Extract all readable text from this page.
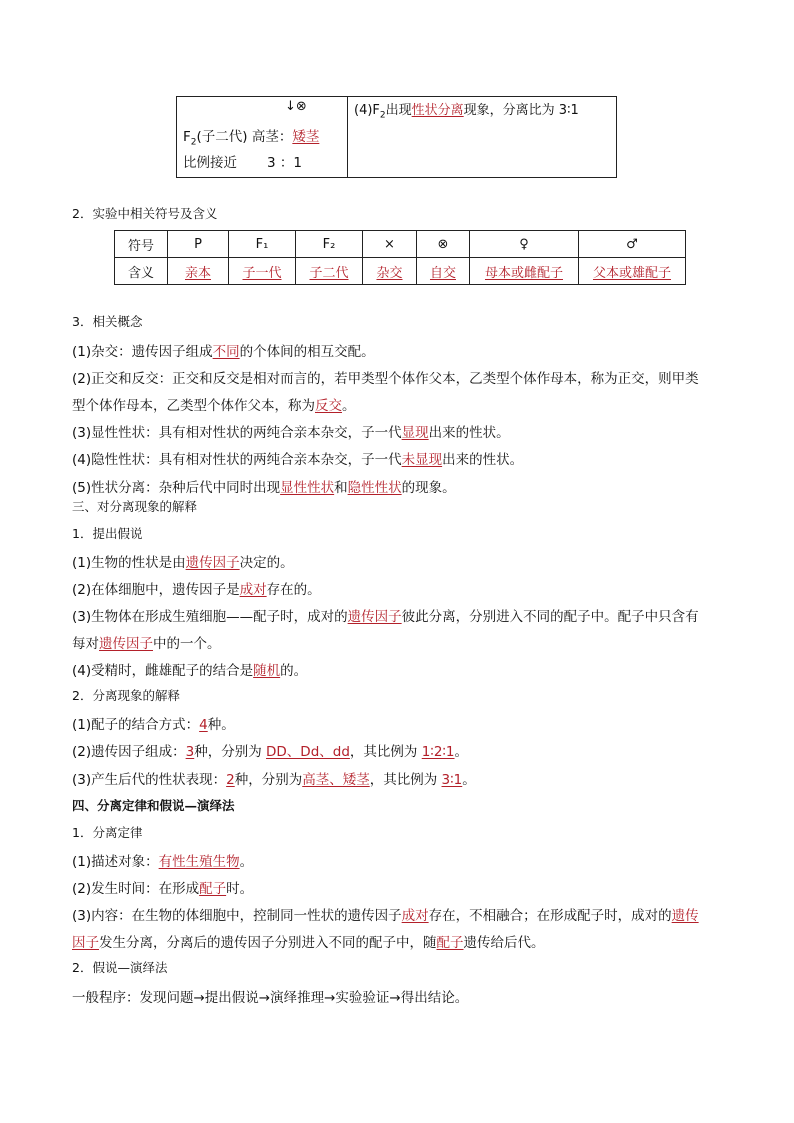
↓⊗
$F_2$(子二代) 高茎：矮茎
比例接近 3 ：1
$(4)F_2$出现性状分离现象，分离比为 3∶1
2．实验中相关符号及含义
符号	P	F₁	F₂	×	⊗	♀	♂
含义	亲本	子一代	子二代	杂交	自交	母本或雌配子	父本或雄配子
3．相关概念
(1)杂交：遗传因子组成不同的个体间的相互交配。
(2)正交和反交：正交和反交是相对而言的，若甲类型个体作父本，乙类型个体作母本，称为正交，则甲类
型个体作母本，乙类型个体作父本，称为反交。
(3)显性性状：具有相对性状的两纯合亲本杂交，子一代显现出来的性状。
(4)隐性性状：具有相对性状的两纯合亲本杂交，子一代未显现出来的性状。
(5)性状分离：杂种后代中同时出现显性性状和隐性性状的现象。
三、对分离现象的解释
1．提出假说
(1)生物的性状是由遗传因子决定的。
(2)在体细胞中，遗传因子是成对存在的。
(3)生物体在形成生殖细胞——配子时，成对的遗传因子彼此分离，分别进入不同的配子中。配子中只含有
每对遗传因子中的一个。
(4)受精时，雌雄配子的结合是随机的。
2．分离现象的解释
(1)配子的结合方式：4种。
(2)遗传因子组成：3种，分别为 DD、Dd、dd，其比例为 1∶2∶1。
(3)产生后代的性状表现：2种，分别为高茎、矮茎，其比例为 3∶1。
四、分离定律和假说—演绎法
1．分离定律
(1)描述对象：有性生殖生物。
(2)发生时间：在形成配子时。
(3)内容：在生物的体细胞中，控制同一性状的遗传因子成对存在，不相融合；在形成配子时，成对的遗传
因子发生分离，分离后的遗传因子分别进入不同的配子中，随配子遗传给后代。
2．假说—演绎法
一般程序：发现问题→提出假说→演绎推理→实验验证→得出结论。
